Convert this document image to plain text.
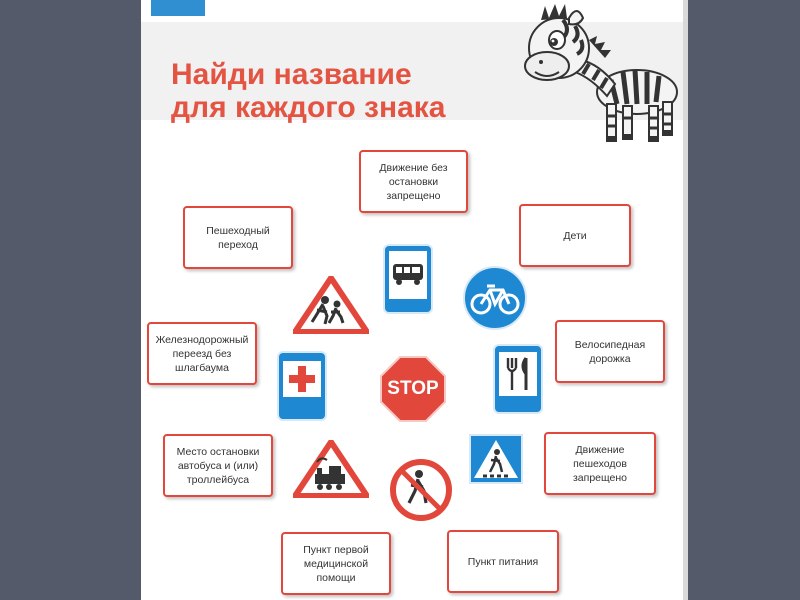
Найди название
для каждого знака
Движение без
остановки
запрещено
Пешеходный
переход
Дети
Железнодорожный
переезд без
шлагбаума
Велосипедная
дорожка
Место остановки
автобуса и (или)
троллейбуса
Движение
пешеходов
запрещено
Пункт первой
медицинской
помощи
Пункт питания
STOP
